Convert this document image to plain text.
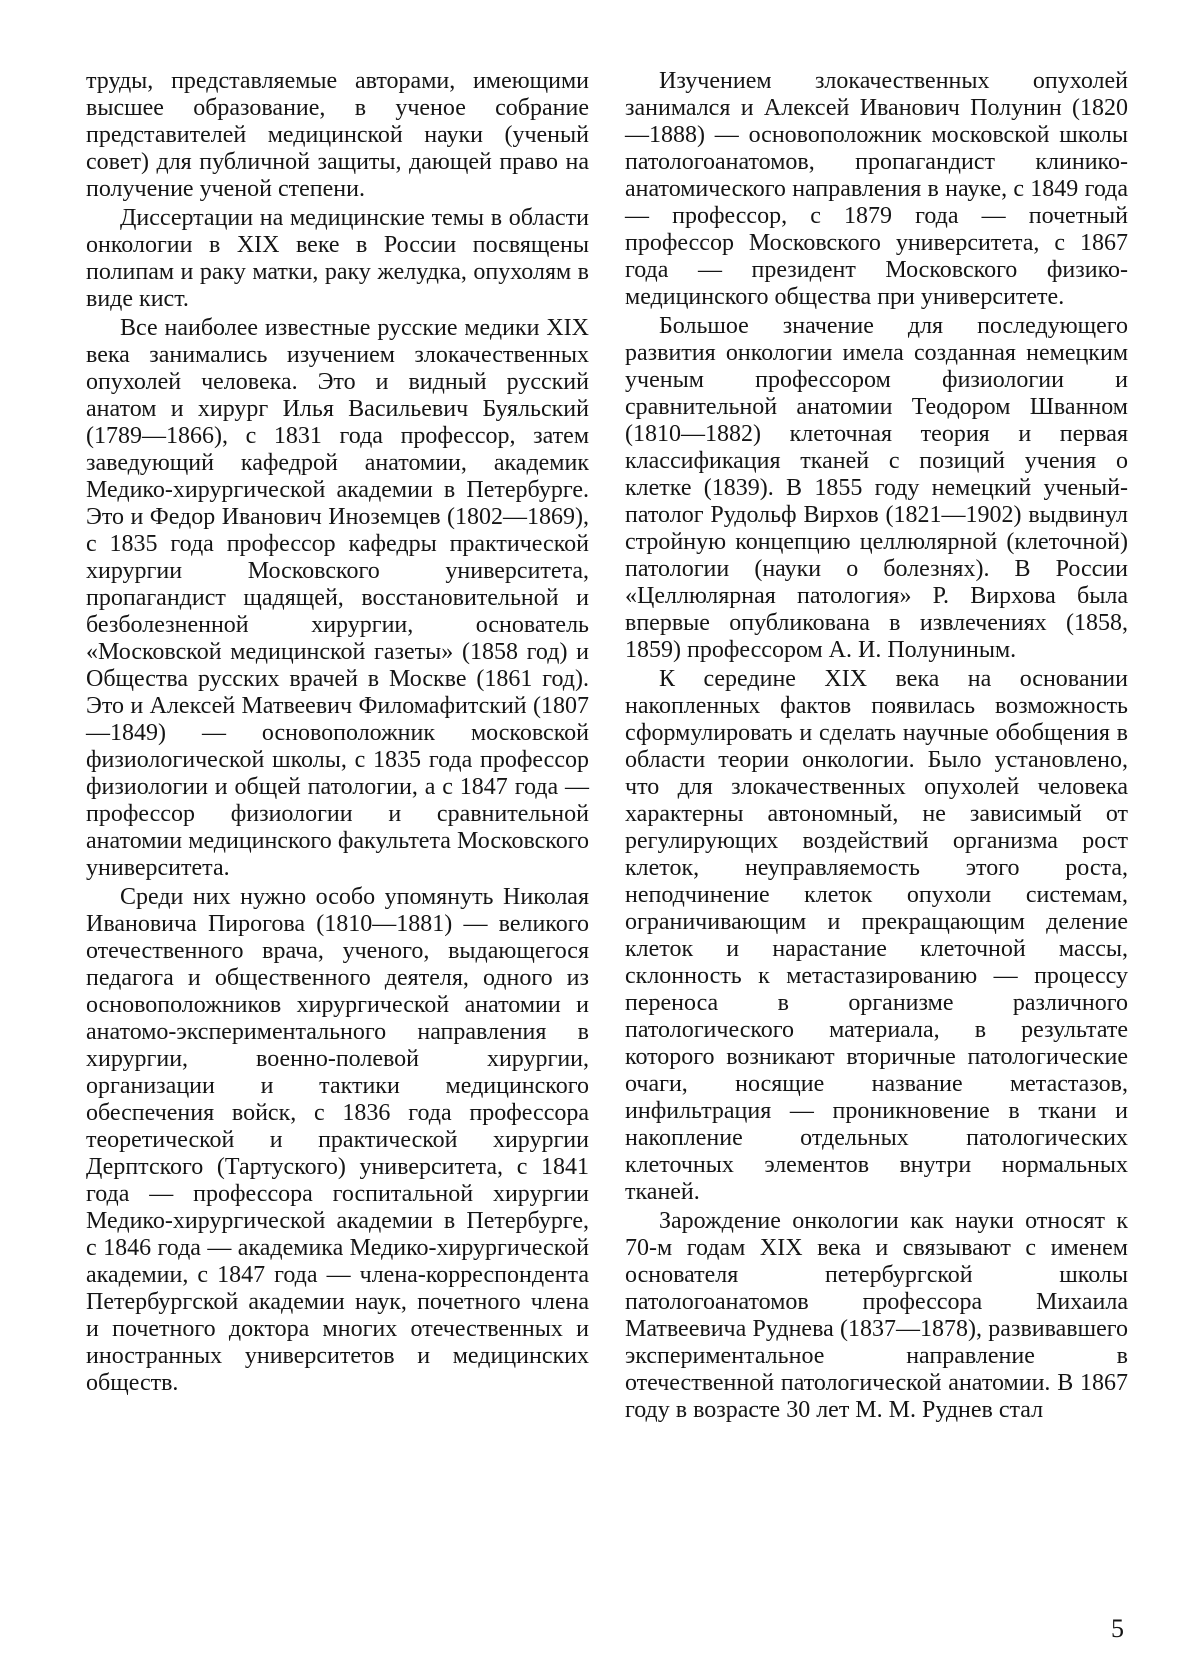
труды, представляемые авторами, имеющими высшее образование, в ученое собрание представителей медицинской науки (ученый совет) для публичной защиты, дающей право на получение ученой степени.

Диссертации на медицинские темы в области онкологии в XIX веке в России посвящены полипам и раку матки, раку желудка, опухолям в виде кист.

Все наиболее известные русские медики XIX века занимались изучением злокачественных опухолей человека. Это и видный русский анатом и хирург Илья Васильевич Буяльский (1789—1866), с 1831 года профессор, затем заведующий кафедрой анатомии, академик Медико-хирургической академии в Петербурге. Это и Федор Иванович Иноземцев (1802—1869), с 1835 года профессор кафедры практической хирургии Московского университета, пропагандист щадящей, восстановительной и безболезненной хирургии, основатель «Московской медицинской газеты» (1858 год) и Общества русских врачей в Москве (1861 год). Это и Алексей Матвеевич Филомафитский (1807—1849) — основоположник московской физиологической школы, с 1835 года профессор физиологии и общей патологии, а с 1847 года — профессор физиологии и сравнительной анатомии медицинского факультета Московского университета.

Среди них нужно особо упомянуть Николая Ивановича Пирогова (1810—1881) — великого отечественного врача, ученого, выдающегося педагога и общественного деятеля, одного из основоположников хирургической анатомии и анатомо-экспериментального направления в хирургии, военно-полевой хирургии, организации и тактики медицинского обеспечения войск, с 1836 года профессора теоретической и практической хирургии Дерптского (Тартуского) университета, с 1841 года — профессора госпитальной хирургии Медико-хирургической академии в Петербурге, с 1846 года — академика Медико-хирургической академии, с 1847 года — члена-корреспондента Петербургской академии наук, почетного члена и почетного доктора многих отечественных и иностранных университетов и медицинских обществ.

Изучением злокачественных опухолей занимался и Алексей Иванович Полунин (1820—1888) — основоположник московской школы патологоанатомов, пропагандист клинико-анатомического направления в науке, с 1849 года — профессор, с 1879 года — почетный профессор Московского университета, с 1867 года — президент Московского физико-медицинского общества при университете.

Большое значение для последующего развития онкологии имела созданная немецким ученым профессором физиологии и сравнительной анатомии Теодором Шванном (1810—1882) клеточная теория и первая классификация тканей с позиций учения о клетке (1839). В 1855 году немецкий ученый-патолог Рудольф Вирхов (1821—1902) выдвинул стройную концепцию целлюлярной (клеточной) патологии (науки о болезнях). В России «Целлюлярная патология» Р. Вирхова была впервые опубликована в извлечениях (1858, 1859) профессором А. И. Полуниным.

К середине XIX века на основании накопленных фактов появилась возможность сформулировать и сделать научные обобщения в области теории онкологии. Было установлено, что для злокачественных опухолей человека характерны автономный, не зависимый от регулирующих воздействий организма рост клеток, неуправляемость этого роста, неподчинение клеток опухоли системам, ограничивающим и прекращающим деление клеток и нарастание клеточной массы, склонность к метастазированию — процессу переноса в организме различного патологического материала, в результате которого возникают вторичные патологические очаги, носящие название метастазов, инфильтрация — проникновение в ткани и накопление отдельных патологических клеточных элементов внутри нормальных тканей.

Зарождение онкологии как науки относят к 70-м годам XIX века и связывают с именем основателя петербургской школы патологоанатомов профессора Михаила Матвеевича Руднева (1837—1878), развивавшего экспериментальное направление в отечественной патологической анатомии. В 1867 году в возрасте 30 лет М. М. Руднев стал

5
